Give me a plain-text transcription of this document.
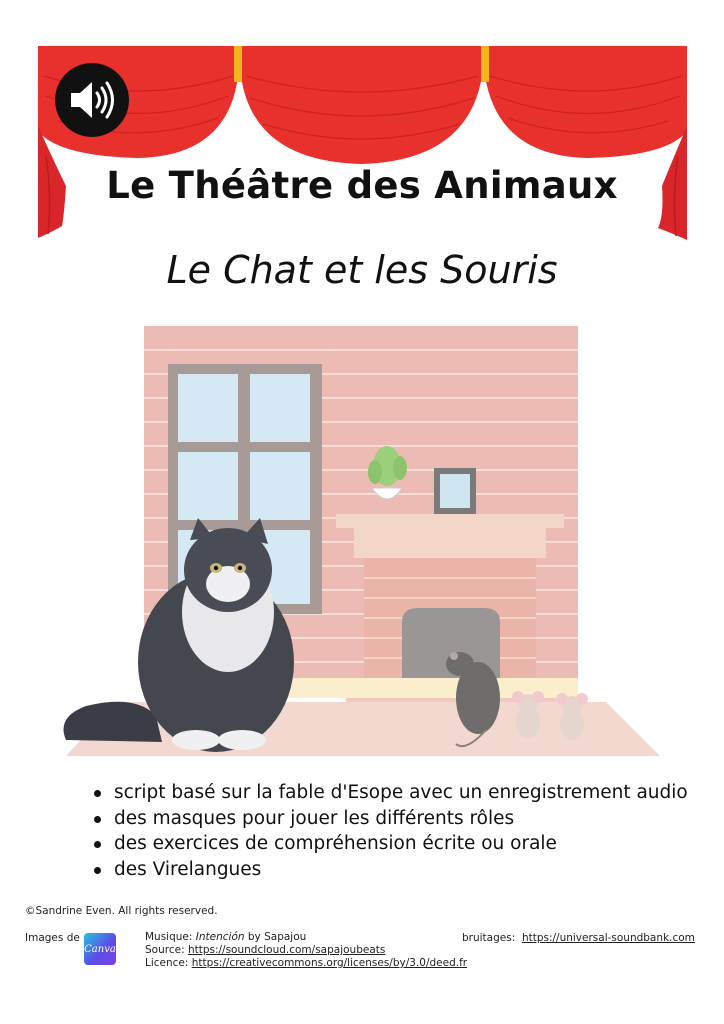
Le Théâtre des Animaux
Le Chat et les Souris
script basé sur la fable d'Esope avec un enregistrement audio
des masques pour jouer les différents rôles
des exercices de compréhension écrite ou orale
des Virelangues
©Sandrine Even. All rights reserved.
Images de
Canva
Musique: Intención by Sapajou
Source: https://soundcloud.com/sapajoubeats
Licence: https://creativecommons.org/licenses/by/3.0/deed.fr
bruitages: https://universal-soundbank.com
